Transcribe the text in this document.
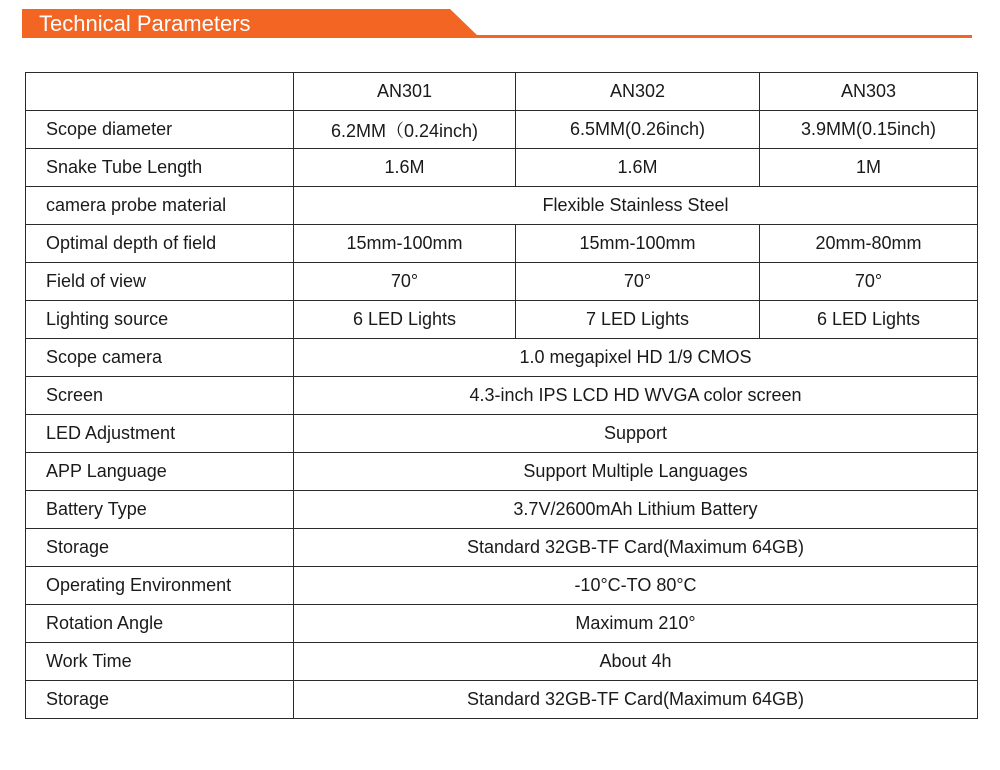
Technical Parameters
	AN301	AN302	AN303
Scope diameter	6.2MM（0.24inch)	6.5MM(0.26inch)	3.9MM(0.15inch)
Snake Tube Length	1.6M	1.6M	1M
camera probe material	Flexible Stainless Steel		
Optimal depth of field	15mm-100mm	15mm-100mm	20mm-80mm
Field of view	70°	70°	70°
Lighting source	6 LED Lights	7 LED Lights	6 LED Lights
Scope camera	1.0 megapixel HD 1/9 CMOS		
Screen	4.3-inch IPS LCD HD WVGA color screen		
LED Adjustment	Support		
APP Language	Support Multiple Languages		
Battery Type	3.7V/2600mAh Lithium Battery		
Storage	Standard 32GB-TF Card(Maximum 64GB)		
Operating Environment	-10°C-TO 80°C		
Rotation Angle	Maximum 210°		
Work Time	About 4h		
Storage	Standard 32GB-TF Card(Maximum 64GB)		
